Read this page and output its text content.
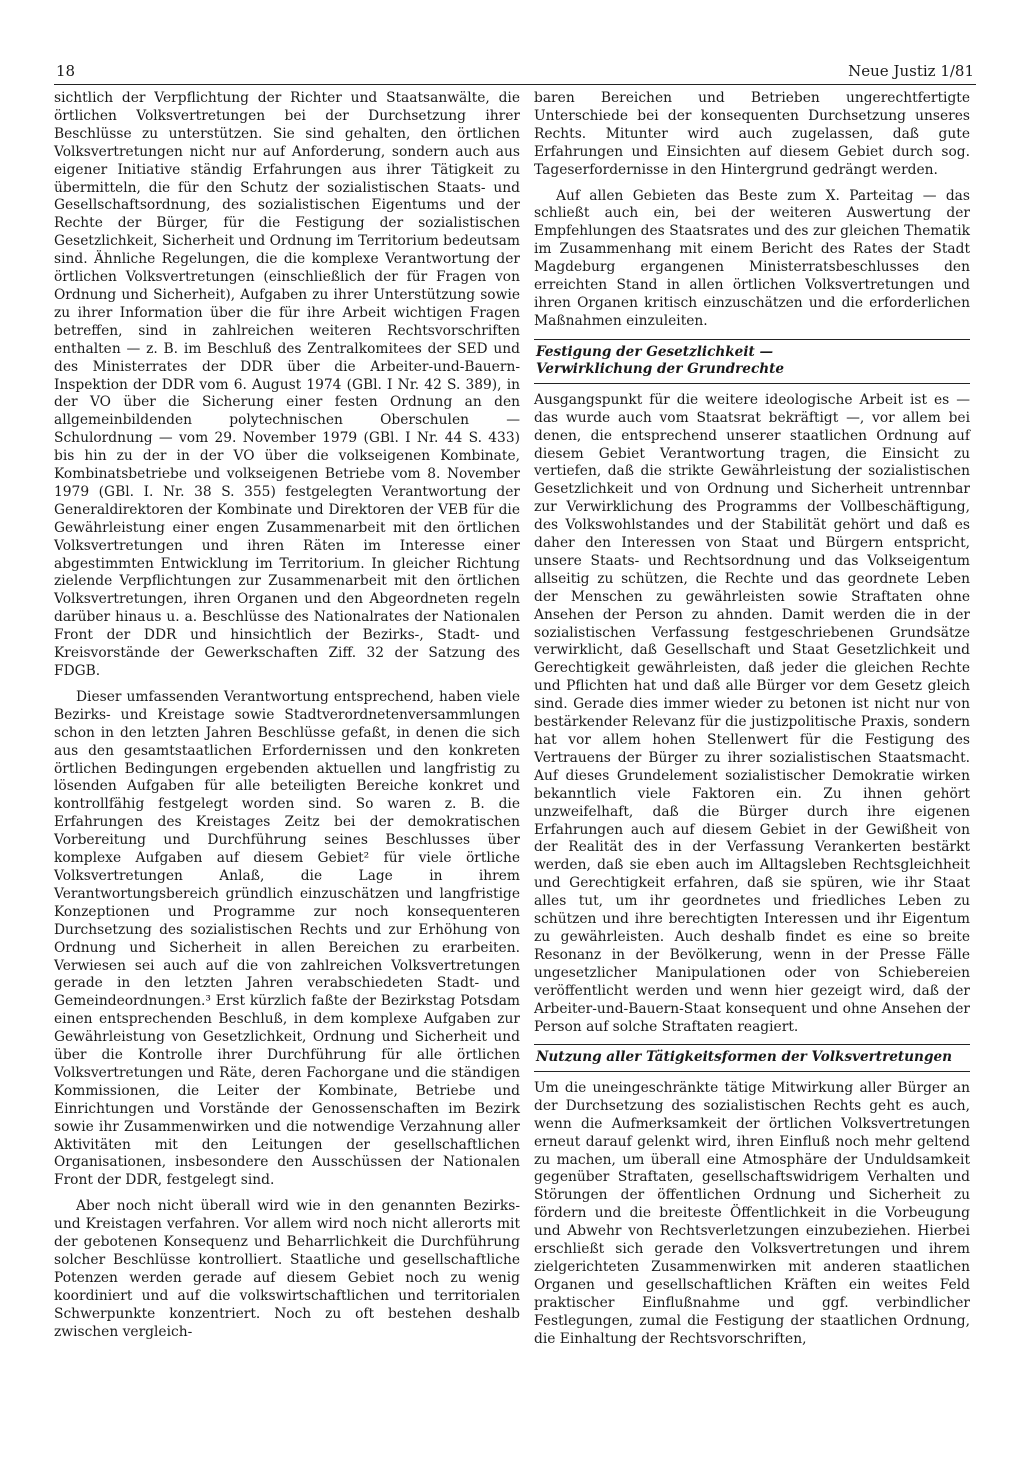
18	Neue Justiz 1/81

sichtlich der Verpflichtung der Richter und Staatsanwälte, die örtlichen Volksvertretungen bei der Durchsetzung ihrer Beschlüsse zu unterstützen. Sie sind gehalten, den örtlichen Volksvertretungen nicht nur auf Anforderung, sondern auch aus eigener Initiative ständig Erfahrungen aus ihrer Tätigkeit zu übermitteln, die für den Schutz der sozialistischen Staats- und Gesellschaftsordnung, des sozialistischen Eigentums und der Rechte der Bürger, für die Festigung der sozialistischen Gesetzlichkeit, Sicherheit und Ordnung im Territorium bedeutsam sind. Ähnliche Regelungen, die die komplexe Verantwortung der örtlichen Volksvertretungen (einschließlich der für Fragen von Ordnung und Sicherheit), Aufgaben zu ihrer Unterstützung sowie zu ihrer Information über die für ihre Arbeit wichtigen Fragen betreffen, sind in zahlreichen weiteren Rechtsvorschriften enthalten — z. B. im Beschluß des Zentralkomitees der SED und des Ministerrates der DDR über die Arbeiter-und-Bauern-Inspektion der DDR vom 6. August 1974 (GBl. I Nr. 42 S. 389), in der VO über die Sicherung einer festen Ordnung an den allgemeinbildenden polytechnischen Oberschulen — Schulordnung — vom 29. November 1979 (GBl. I Nr. 44 S. 433) bis hin zu der in der VO über die volkseigenen Kombinate, Kombinatsbetriebe und volkseigenen Betriebe vom 8. November 1979 (GBl. I. Nr. 38 S. 355) festgelegten Verantwortung der Generaldirektoren der Kombinate und Direktoren der VEB für die Gewährleistung einer engen Zusammenarbeit mit den örtlichen Volksvertretungen und ihren Räten im Interesse einer abgestimmten Entwicklung im Territorium. In gleicher Richtung zielende Verpflichtungen zur Zusammenarbeit mit den örtlichen Volksvertretungen, ihren Organen und den Abgeordneten regeln darüber hinaus u. a. Beschlüsse des Nationalrates der Nationalen Front der DDR und hinsichtlich der Bezirks-, Stadt- und Kreisvorstände der Gewerkschaften Ziff. 32 der Satzung des FDGB.

Dieser umfassenden Verantwortung entsprechend, haben viele Bezirks- und Kreistage sowie Stadtverordnetenversammlungen schon in den letzten Jahren Beschlüsse gefaßt, in denen die sich aus den gesamtstaatlichen Erfordernissen und den konkreten örtlichen Bedingungen ergebenden aktuellen und langfristig zu lösenden Aufgaben für alle beteiligten Bereiche konkret und kontrollfähig festgelegt worden sind. So waren z. B. die Erfahrungen des Kreistages Zeitz bei der demokratischen Vorbereitung und Durchführung seines Beschlusses über komplexe Aufgaben auf diesem Gebiet² für viele örtliche Volksvertretungen Anlaß, die Lage in ihrem Verantwortungsbereich gründlich einzuschätzen und langfristige Konzeptionen und Programme zur noch konsequenteren Durchsetzung des sozialistischen Rechts und zur Erhöhung von Ordnung und Sicherheit in allen Bereichen zu erarbeiten. Verwiesen sei auch auf die von zahlreichen Volksvertretungen gerade in den letzten Jahren verabschiedeten Stadt- und Gemeindeordnungen.³ Erst kürzlich faßte der Bezirkstag Potsdam einen entsprechenden Beschluß, in dem komplexe Aufgaben zur Gewährleistung von Gesetzlichkeit, Ordnung und Sicherheit und über die Kontrolle ihrer Durchführung für alle örtlichen Volksvertretungen und Räte, deren Fachorgane und die ständigen Kommissionen, die Leiter der Kombinate, Betriebe und Einrichtungen und Vorstände der Genossenschaften im Bezirk sowie ihr Zusammenwirken und die notwendige Verzahnung aller Aktivitäten mit den Leitungen der gesellschaftlichen Organisationen, insbesondere den Ausschüssen der Nationalen Front der DDR, festgelegt sind.

Aber noch nicht überall wird wie in den genannten Bezirks- und Kreistagen verfahren. Vor allem wird noch nicht allerorts mit der gebotenen Konsequenz und Beharrlichkeit die Durchführung solcher Beschlüsse kontrolliert. Staatliche und gesellschaftliche Potenzen werden gerade auf diesem Gebiet noch zu wenig koordiniert und auf die volkswirtschaftlichen und territorialen Schwerpunkte konzentriert. Noch zu oft bestehen deshalb zwischen vergleich-

baren Bereichen und Betrieben ungerechtfertigte Unterschiede bei der konsequenten Durchsetzung unseres Rechts. Mitunter wird auch zugelassen, daß gute Erfahrungen und Einsichten auf diesem Gebiet durch sog. Tageserfordernisse in den Hintergrund gedrängt werden.

Auf allen Gebieten das Beste zum X. Parteitag — das schließt auch ein, bei der weiteren Auswertung der Empfehlungen des Staatsrates und des zur gleichen Thematik im Zusammenhang mit einem Bericht des Rates der Stadt Magdeburg ergangenen Ministerratsbeschlusses den erreichten Stand in allen örtlichen Volksvertretungen und ihren Organen kritisch einzuschätzen und die erforderlichen Maßnahmen einzuleiten.

Festigung der Gesetzlichkeit —
Verwirklichung der Grundrechte

Ausgangspunkt für die weitere ideologische Arbeit ist es — das wurde auch vom Staatsrat bekräftigt —, vor allem bei denen, die entsprechend unserer staatlichen Ordnung auf diesem Gebiet Verantwortung tragen, die Einsicht zu vertiefen, daß die strikte Gewährleistung der sozialistischen Gesetzlichkeit und von Ordnung und Sicherheit untrennbar zur Verwirklichung des Programms der Vollbeschäftigung, des Volkswohlstandes und der Stabilität gehört und daß es daher den Interessen von Staat und Bürgern entspricht, unsere Staats- und Rechtsordnung und das Volkseigentum allseitig zu schützen, die Rechte und das geordnete Leben der Menschen zu gewährleisten sowie Straftaten ohne Ansehen der Person zu ahnden. Damit werden die in der sozialistischen Verfassung festgeschriebenen Grundsätze verwirklicht, daß Gesellschaft und Staat Gesetzlichkeit und Gerechtigkeit gewährleisten, daß jeder die gleichen Rechte und Pflichten hat und daß alle Bürger vor dem Gesetz gleich sind. Gerade dies immer wieder zu betonen ist nicht nur von bestärkender Relevanz für die justizpolitische Praxis, sondern hat vor allem hohen Stellenwert für die Festigung des Vertrauens der Bürger zu ihrer sozialistischen Staatsmacht. Auf dieses Grundelement sozialistischer Demokratie wirken bekanntlich viele Faktoren ein. Zu ihnen gehört unzweifelhaft, daß die Bürger durch ihre eigenen Erfahrungen auch auf diesem Gebiet in der Gewißheit von der Realität des in der Verfassung Verankerten bestärkt werden, daß sie eben auch im Alltagsleben Rechtsgleichheit und Gerechtigkeit erfahren, daß sie spüren, wie ihr Staat alles tut, um ihr geordnetes und friedliches Leben zu schützen und ihre berechtigten Interessen und ihr Eigentum zu gewährleisten. Auch deshalb findet es eine so breite Resonanz in der Bevölkerung, wenn in der Presse Fälle ungesetzlicher Manipulationen oder von Schiebereien veröffentlicht werden und wenn hier gezeigt wird, daß der Arbeiter-und-Bauern-Staat konsequent und ohne Ansehen der Person auf solche Straftaten reagiert.

Nutzung aller Tätigkeitsformen der Volksvertretungen

Um die uneingeschränkte tätige Mitwirkung aller Bürger an der Durchsetzung des sozialistischen Rechts geht es auch, wenn die Aufmerksamkeit der örtlichen Volksvertretungen erneut darauf gelenkt wird, ihren Einfluß noch mehr geltend zu machen, um überall eine Atmosphäre der Unduldsamkeit gegenüber Straftaten, gesellschaftswidrigem Verhalten und Störungen der öffentlichen Ordnung und Sicherheit zu fördern und die breiteste Öffentlichkeit in die Vorbeugung und Abwehr von Rechtsverletzungen einzubeziehen. Hierbei erschließt sich gerade den Volksvertretungen und ihrem zielgerichteten Zusammenwirken mit anderen staatlichen Organen und gesellschaftlichen Kräften ein weites Feld praktischer Einflußnahme und ggf. verbindlicher Festlegungen, zumal die Festigung der staatlichen Ordnung, die Einhaltung der Rechtsvorschriften,
